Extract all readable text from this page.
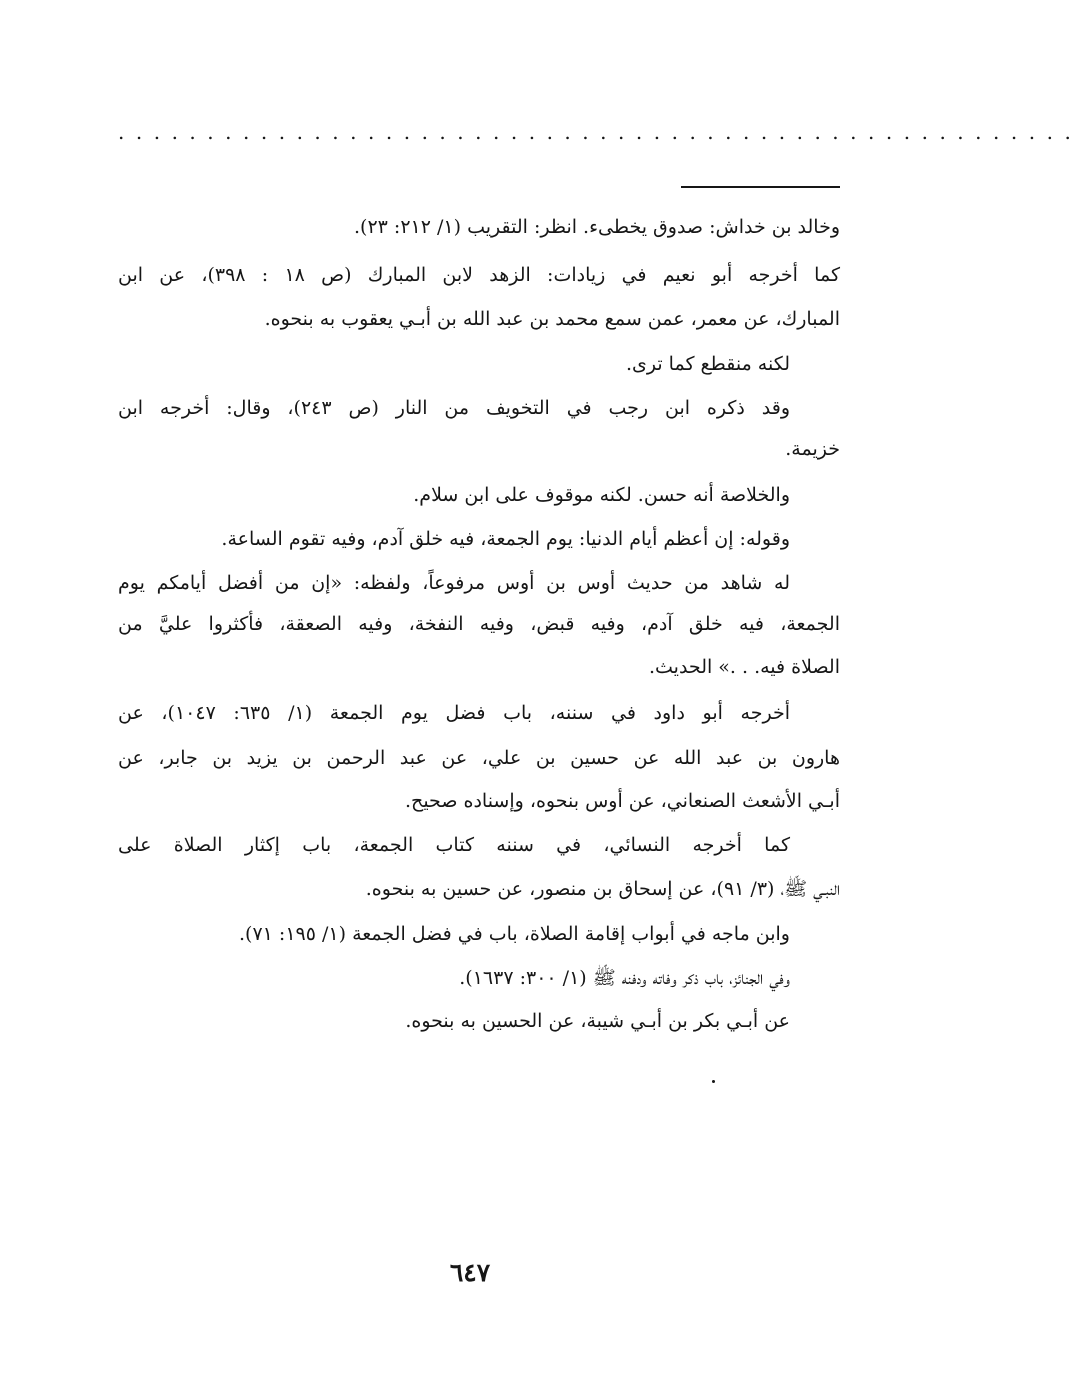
......................................................
وخالد بن خداش: صدوق يخطىء. انظر: التقريب (١/ ٢١٢: ٢٣).
كما أخرجه أبو نعيم في زيادات: الزهد لابن المبارك (ص ١٨ : ٣٩٨)، عن ابن
المبارك، عن معمر، عمن سمع محمد بن عبد الله بن أبـي يعقوب به بنحوه.
لكنه منقطع كما ترى.
وقد ذكره ابن رجب في التخويف من النار (ص ٢٤٣)، وقال: أخرجه ابن
خزيمة.
والخلاصة أنه حسن. لكنه موقوف على ابن سلام.
وقوله: إن أعظم أيام الدنيا: يوم الجمعة، فيه خلق آدم، وفيه تقوم الساعة.
له شاهد من حديث أوس بن أوس مرفوعاً، ولفظه: «إن من أفضل أيامكم يوم
الجمعة، فيه خلق آدم، وفيه قبض، وفيه النفخة، وفيه الصعقة، فأكثروا عليَّ من
الصلاة فيه. . .» الحديث.
أخرجه أبو داود في سننه، باب فضل يوم الجمعة (١/ ٦٣٥: ١٠٤٧)، عن
هارون بن عبد الله عن حسين بن علي، عن عبد الرحمن بن يزيد بن جابر، عن
أبـي الأشعث الصنعاني، عن أوس بنحوه، وإسناده صحيح.
كما أخرجه النسائي، في سننه كتاب الجمعة، باب إكثار الصلاة على
النبـي ﷺ، (٣/ ٩١)، عن إسحاق بن منصور، عن حسين به بنحوه.
وابن ماجه في أبواب إقامة الصلاة، باب في فضل الجمعة (١/ ١٩٥: ٧١).
وفي الجنائز، باب ذكر وفاته ودفنه ﷺ (١/ ٣٠٠: ١٦٣٧).
عن أبـي بكر بن أبـي شيبة، عن الحسين به بنحوه.
٦٤٧
